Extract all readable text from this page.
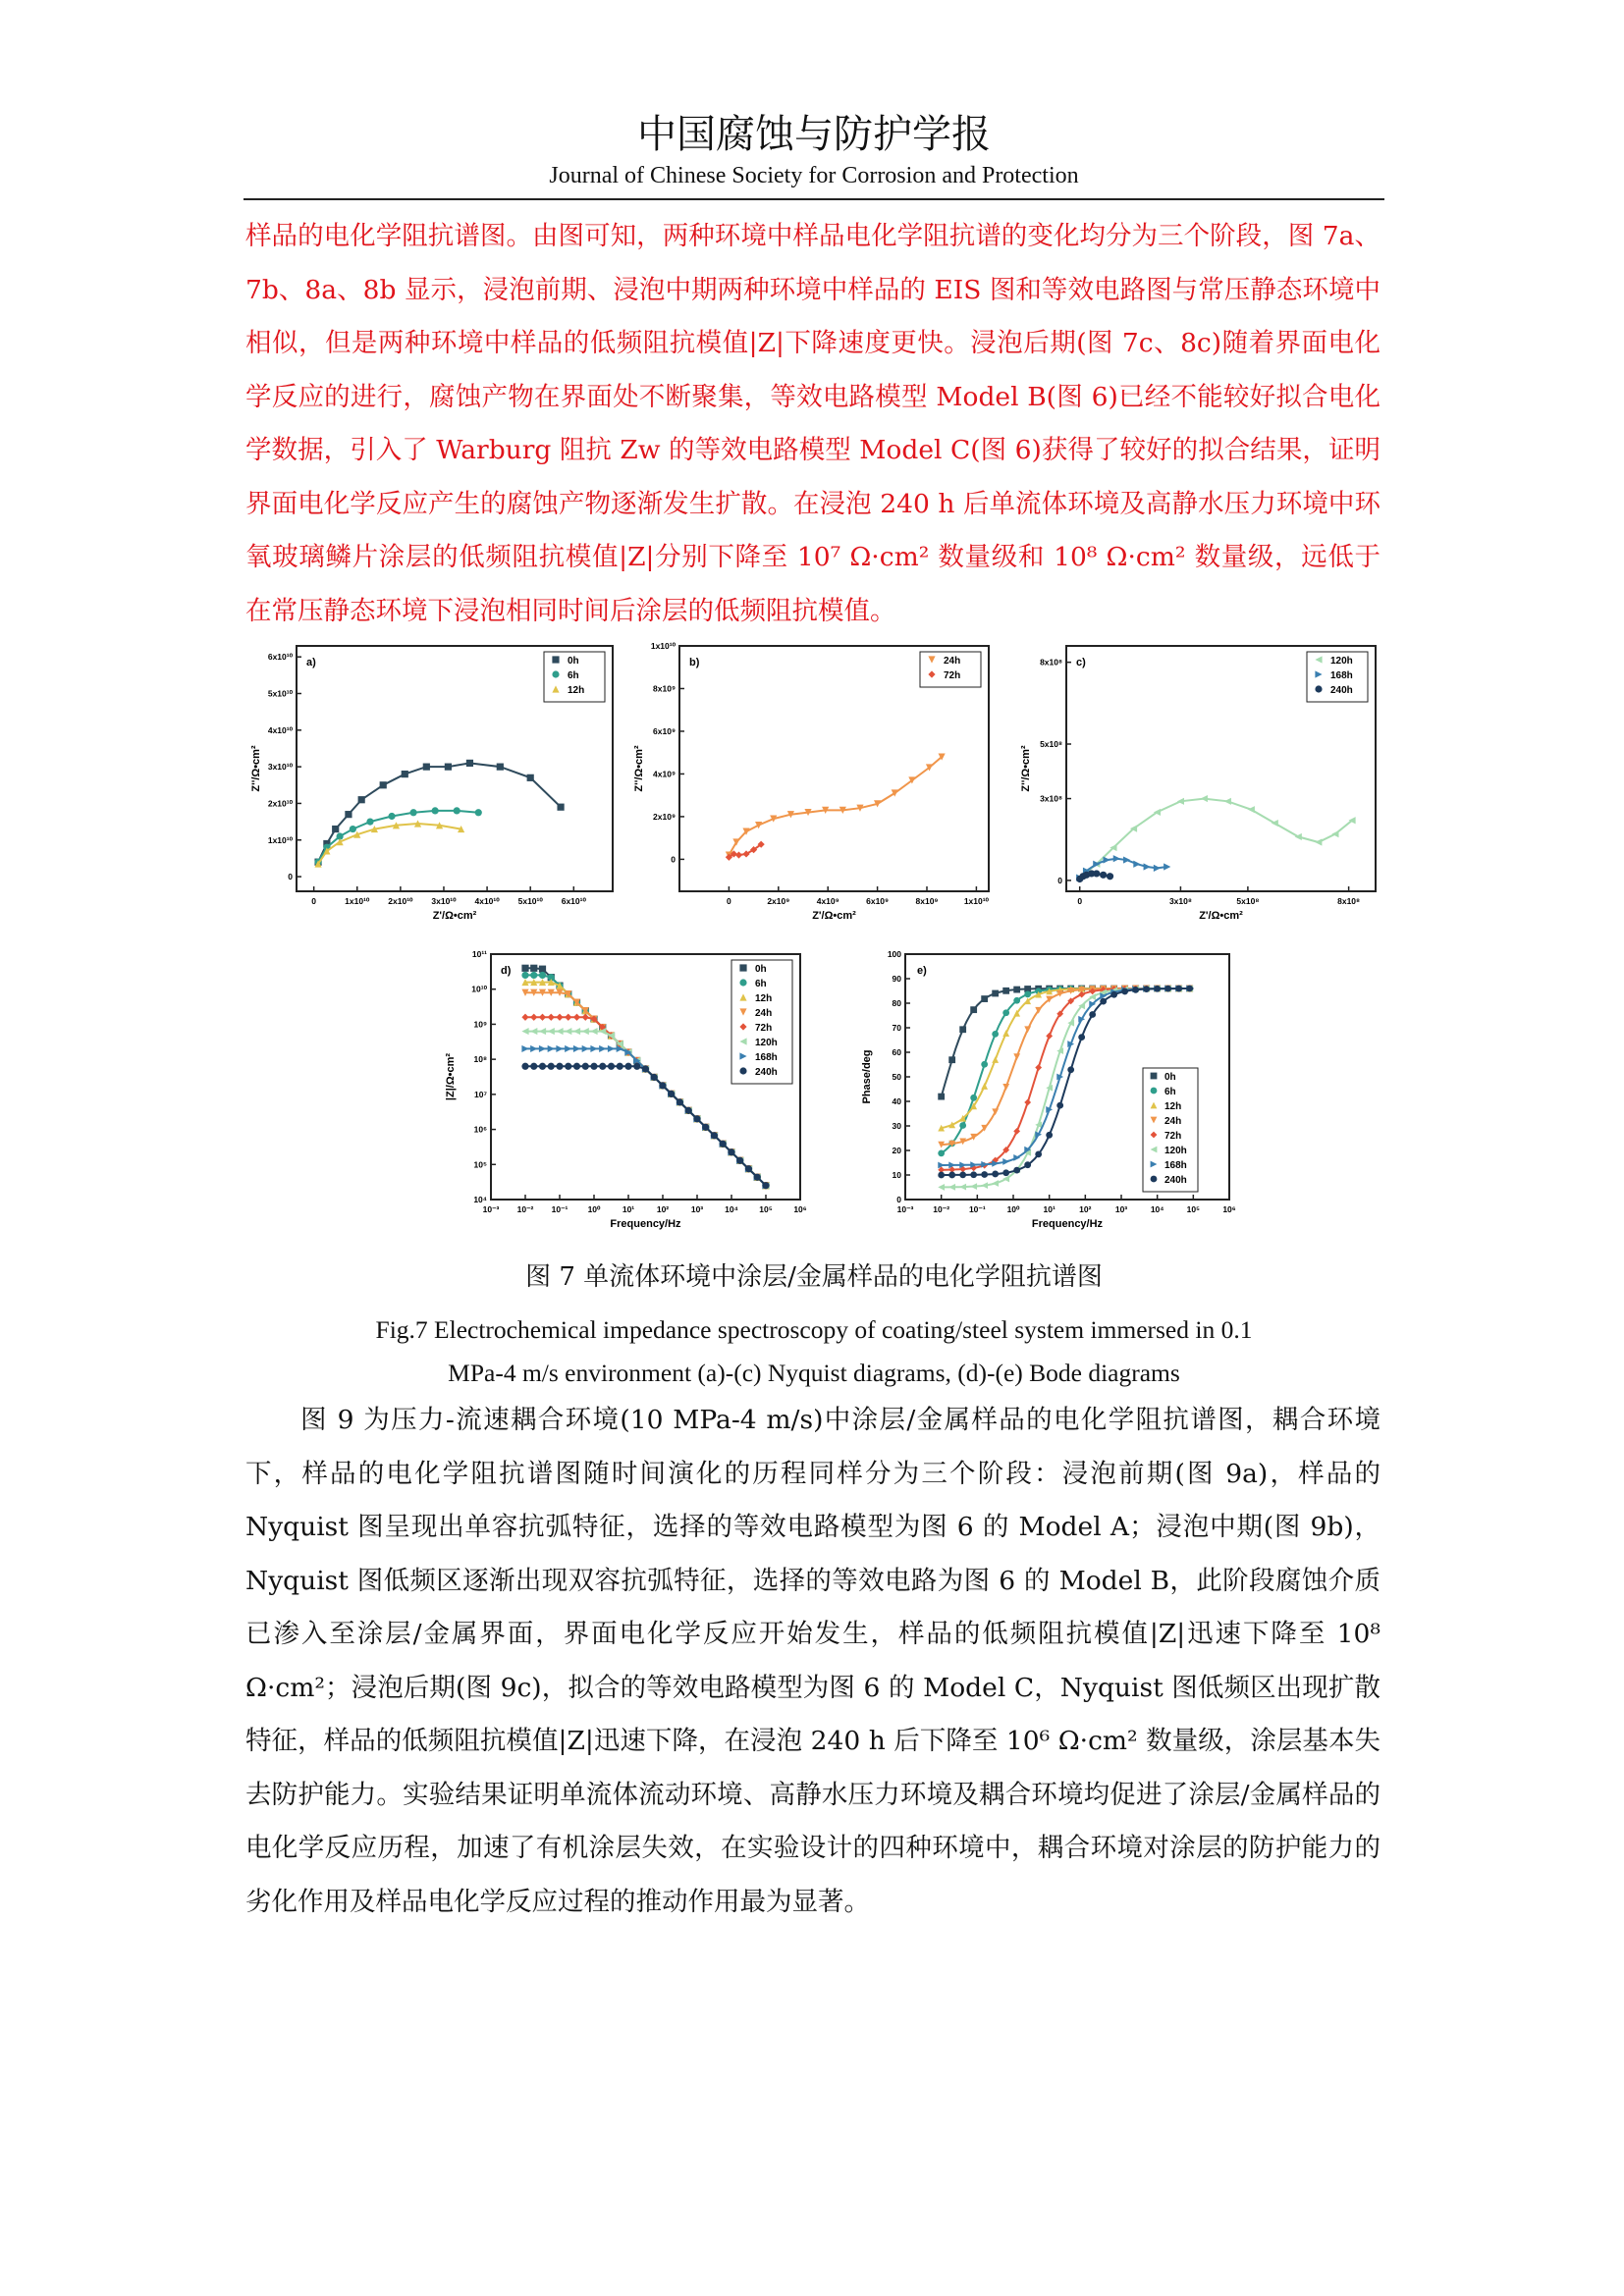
中国腐蚀与防护学报
Journal of Chinese Society for Corrosion and Protection

样品的电化学阻抗谱图。由图可知，两种环境中样品电化学阻抗谱的变化均分为三个阶段，图 7a、7b、8a、8b 显示，浸泡前期、浸泡中期两种环境中样品的 EIS 图和等效电路图与常压静态环境中相似，但是两种环境中样品的低频阻抗模值|Z|下降速度更快。浸泡后期(图 7c、8c)随着界面电化学反应的进行，腐蚀产物在界面处不断聚集，等效电路模型 Model B(图 6)已经不能较好拟合电化学数据，引入了 Warburg 阻抗 Zw 的等效电路模型 Model C(图 6)获得了较好的拟合结果，证明界面电化学反应产生的腐蚀产物逐渐发生扩散。在浸泡 240 h 后单流体环境及高静水压力环境中环氧玻璃鳞片涂层的低频阻抗模值|Z|分别下降至 10⁷ Ω·cm² 数量级和 10⁸ Ω·cm² 数量级，远低于在常压静态环境下浸泡相同时间后涂层的低频阻抗模值。

0	1x10¹⁰ 2x10¹⁰ 3x10¹⁰ 4x10¹⁰ 5x10¹⁰ 6x10¹⁰
0
1x10¹⁰
2x10¹⁰
3x10¹⁰
4x10¹⁰
5x10¹⁰
6x10¹⁰
Z'/Ω•cm²
Z''/Ω•cm²
a)	0h
6h
12h
0	2x10⁹	4x10⁹	6x10⁹	8x10⁹	1x10¹⁰
0
2x10⁹
4x10⁹
6x10⁹
8x10⁹
1x10¹⁰
Z'/Ω•cm²
Z''/Ω•cm²
b)	24h
72h
0	3x10⁸	5x10⁸	8x10⁸
0
3x10⁸
5x10⁸
8x10⁸
Z'/Ω•cm²
Z''/Ω•cm²
c)	120h
168h
240h
10⁻³ 10⁻² 10⁻¹ 10⁰	10¹	10²	10³	10⁴	10⁵	10⁶
10⁴
10⁵
10⁶
10⁷
10⁸
10⁹
10¹⁰
10¹¹
Frequency/Hz
|Z|/Ω•cm²
d)	0h
6h
12h
24h
72h
120h
168h
240h
10⁻³ 10⁻² 10⁻¹	10⁰	10¹	10²	10³	10⁴	10⁵	10⁶
0
10
20
30
40
50
60
70
80
90
100
Frequency/Hz
Phase/deg
e)
0h
6h
12h
24h
72h
120h
168h
240h
图 7 单流体环境中涂层/金属样品的电化学阻抗谱图
Fig.7 Electrochemical impedance spectroscopy of coating/steel system immersed in 0.1
MPa-4 m/s environment (a)-(c) Nyquist diagrams, (d)-(e) Bode diagrams

图 9 为压力-流速耦合环境(10 MPa-4 m/s)中涂层/金属样品的电化学阻抗谱图，耦合环境下，样品的电化学阻抗谱图随时间演化的历程同样分为三个阶段：浸泡前期(图 9a)，样品的 Nyquist 图呈现出单容抗弧特征，选择的等效电路模型为图 6 的 Model A；浸泡中期(图 9b)，Nyquist 图低频区逐渐出现双容抗弧特征，选择的等效电路为图 6 的 Model B，此阶段腐蚀介质已渗入至涂层/金属界面，界面电化学反应开始发生，样品的低频阻抗模值|Z|迅速下降至 10⁸ Ω·cm²；浸泡后期(图 9c)，拟合的等效电路模型为图 6 的 Model C，Nyquist 图低频区出现扩散特征，样品的低频阻抗模值|Z|迅速下降，在浸泡 240 h 后下降至 10⁶ Ω·cm² 数量级，涂层基本失去防护能力。实验结果证明单流体流动环境、高静水压力环境及耦合环境均促进了涂层/金属样品的电化学反应历程，加速了有机涂层失效，在实验设计的四种环境中，耦合环境对涂层的防护能力的劣化作用及样品电化学反应过程的推动作用最为显著。
